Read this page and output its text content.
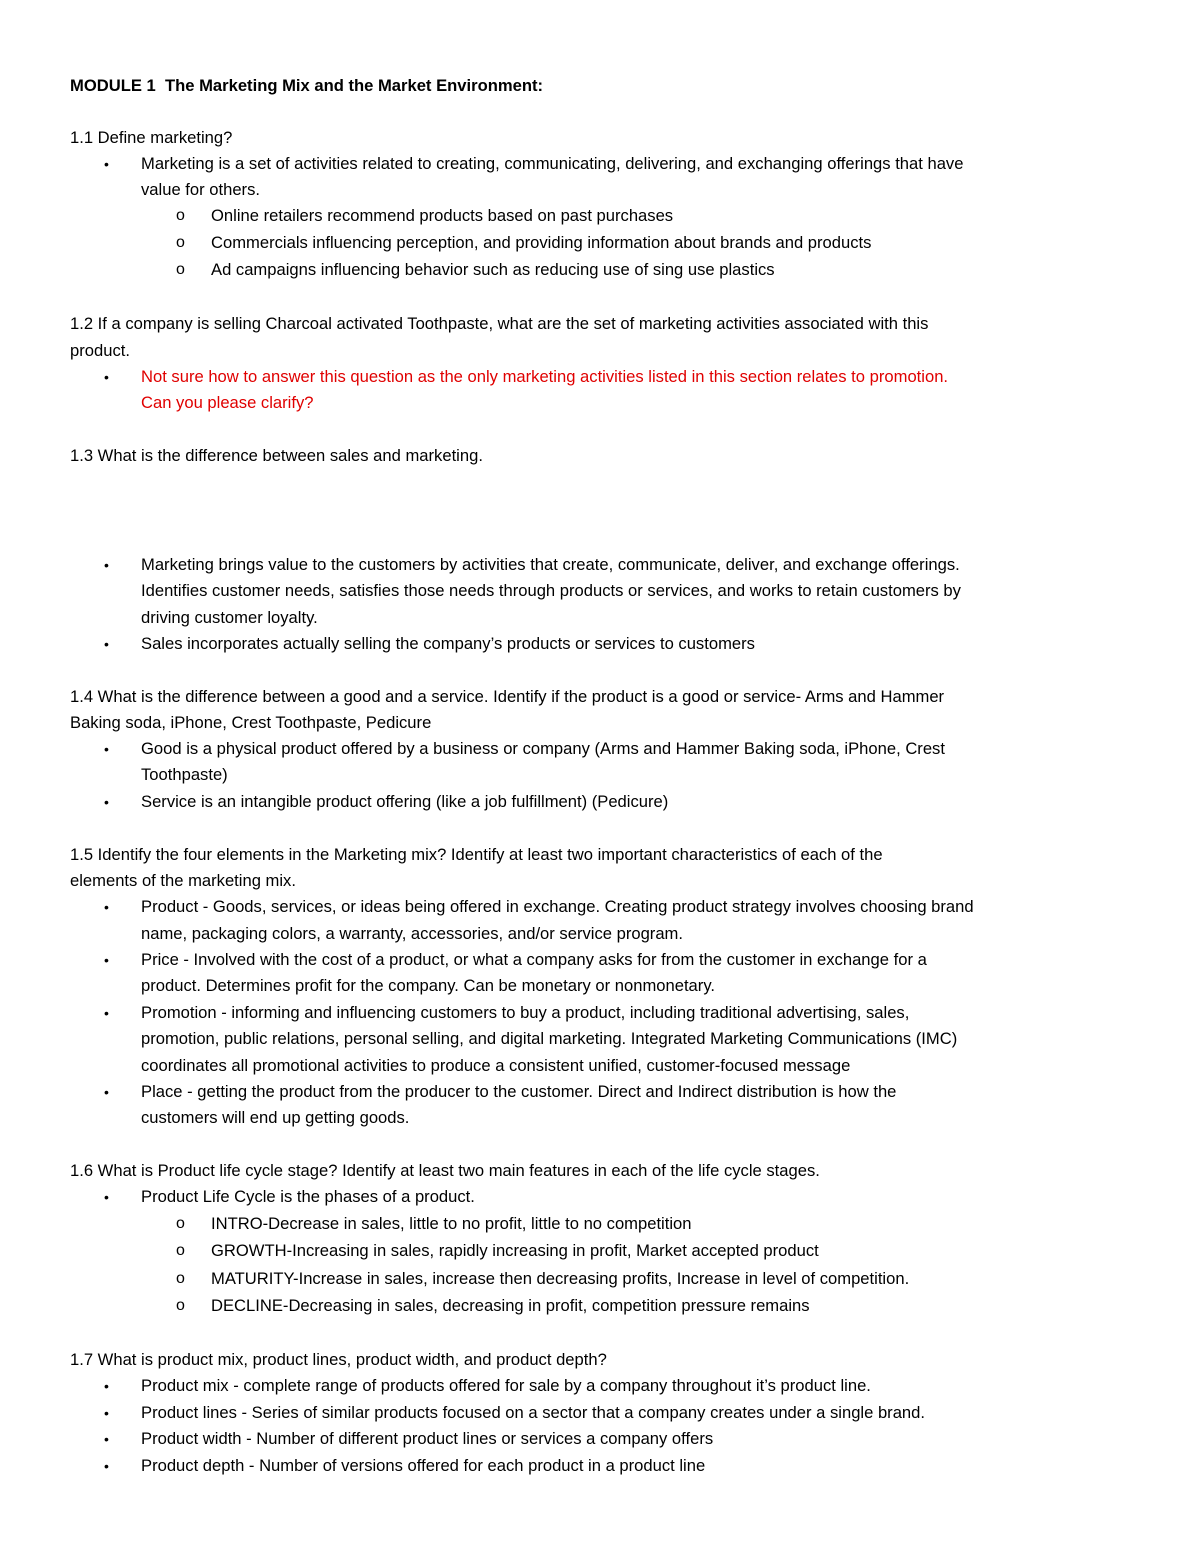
MODULE 1 The Marketing Mix and the Market Environment:
1.1 Define marketing?
• Marketing is a set of activities related to creating, communicating, delivering, and exchanging offerings that have
value for others.
o Online retailers recommend products based on past purchases
o Commercials influencing perception, and providing information about brands and products
o Ad campaigns influencing behavior such as reducing use of sing use plastics
1.2 If a company is selling Charcoal activated Toothpaste, what are the set of marketing activities associated with this
product.
• Not sure how to answer this question as the only marketing activities listed in this section relates to promotion.
Can you please clarify?
1.3 What is the difference between sales and marketing.
• Marketing brings value to the customers by activities that create, communicate, deliver, and exchange offerings.
Identifies customer needs, satisfies those needs through products or services, and works to retain customers by
driving customer loyalty.
• Sales incorporates actually selling the company’s products or services to customers
1.4 What is the difference between a good and a service. Identify if the product is a good or service- Arms and Hammer
Baking soda, iPhone, Crest Toothpaste, Pedicure
• Good is a physical product offered by a business or company (Arms and Hammer Baking soda, iPhone, Crest
Toothpaste)
• Service is an intangible product offering (like a job fulfillment) (Pedicure)
1.5 Identify the four elements in the Marketing mix? Identify at least two important characteristics of each of the
elements of the marketing mix.
• Product - Goods, services, or ideas being offered in exchange. Creating product strategy involves choosing brand
name, packaging colors, a warranty, accessories, and/or service program.
• Price - Involved with the cost of a product, or what a company asks for from the customer in exchange for a
product. Determines profit for the company. Can be monetary or nonmonetary.
• Promotion - informing and influencing customers to buy a product, including traditional advertising, sales,
promotion, public relations, personal selling, and digital marketing. Integrated Marketing Communications (IMC)
coordinates all promotional activities to produce a consistent unified, customer-focused message
• Place - getting the product from the producer to the customer. Direct and Indirect distribution is how the
customers will end up getting goods.
1.6 What is Product life cycle stage? Identify at least two main features in each of the life cycle stages.
• Product Life Cycle is the phases of a product.
o INTRO-Decrease in sales, little to no profit, little to no competition
o GROWTH-Increasing in sales, rapidly increasing in profit, Market accepted product
o MATURITY-Increase in sales, increase then decreasing profits, Increase in level of competition.
o DECLINE-Decreasing in sales, decreasing in profit, competition pressure remains
1.7 What is product mix, product lines, product width, and product depth?
• Product mix - complete range of products offered for sale by a company throughout it’s product line.
• Product lines - Series of similar products focused on a sector that a company creates under a single brand.
• Product width - Number of different product lines or services a company offers
• Product depth - Number of versions offered for each product in a product line
